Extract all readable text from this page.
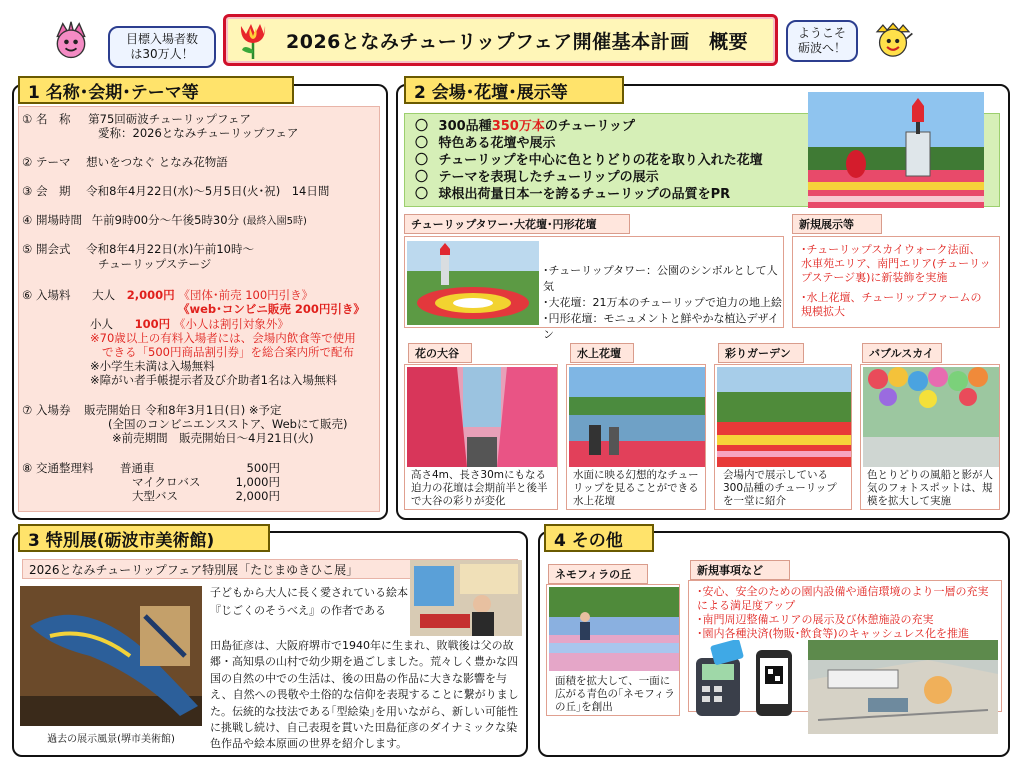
目標入場者数
は30万人！
2026となみチューリップフェア開催基本計画　概要	ようこそ
砺波へ！
1 名称･会期･テーマ等
① 名　称 第75回砺波チューリップフェア
愛称：2026となみチューリップフェア
② テーマ 想いをつなぐ となみ花物語
③ 会　期 令和8年4月22日(水)～5月5日(火･祝)　14日間
④ 開場時間 午前9時00分～午後5時30分 (最終入園5時)
⑤ 開会式 令和8年4月22日(水)午前10時～
チューリップステージ
⑥ 入場料 大人 2,000円 《団体･前売 100円引き》
《web･コンビニ販売 200円引き》
小人 100円 《小人は割引対象外》
※70歳以上の有料入場者には、会場内飲食等で使用
できる「500円商品割引券」を総合案内所で配布
※小学生未満は入場無料
※障がい者手帳提示者及び介助者1名は入場無料
⑦ 入場券 販売開始日 令和8年3月1日(日) ※予定
(全国のコンビニエンスストア、Webにて販売)
※前売期間　販売開始日～4月21日(火)
⑧ 交通整理料 普通車	500円
マイクロバス	1,000円
大型バス	2,000円
2 会場･花壇･展示等
〇 300品種350万本のチューリップ
〇 特色ある花壇や展示
〇 チューリップを中心に色とりどりの花を取り入れた花壇
〇 テーマを表現したチューリップの展示
〇 球根出荷量日本一を誇るチューリップの品質をPR
チューリップタワー･大花壇･円形花壇
･チューリップタワー：公園のシンボルとして人気
･大花壇：21万本のチューリップで迫力の地上絵
･円形花壇：モニュメントと鮮やかな植込デザイン
新規展示等
･チューリップスカイウォーク法面、水車苑エリア、南門エリア(チューリップステージ裏)に新装飾を実施
･水上花壇、チューリップファームの規模拡大
花の大谷
高さ4m、長さ30mにもなる迫力の花壇は会期前半と後半で大谷の彩りが変化
水上花壇
水面に映る幻想的なチューリップを見ることができる水上花壇
彩りガーデン
会場内で展示している300品種のチューリップを一堂に紹介
バブルスカイ
色とりどりの風船と影が人気のフォトスポットは、規模を拡大して実施
3 特別展(砺波市美術館)
2026となみチューリップフェア特別展「たじまゆきひこ展」
過去の展示風景(堺市美術館)
子どもから大人に長く愛されている絵本『じごくのそうべえ』の作者である
田島征彦は、大阪府堺市で1940年に生まれ、敗戦後は父の故郷・高知県の山村で幼少期を過ごしました。荒々しく豊かな四国の自然の中での生活は、後の田島の作品に大きな影響を与え、自然への畏敬や土俗的な信仰を表現することに繋がりました。伝統的な技法である｢型絵染｣を用いながら、新しい可能性に挑戦し続け、自己表現を貫いた田島征彦のダイナミックな染色作品や絵本原画の世界を紹介します。
4 その他
ネモフィラの丘
面積を拡大して、一面に広がる青色の｢ネモフィラの丘｣を創出
新規事項など
･安心、安全のための園内設備や通信環境のより一層の充実による満足度アップ
･南門周辺整備エリアの展示及び休憩施設の充実
･園内各種決済(物販･飲食等)のキャッシュレス化を推進
